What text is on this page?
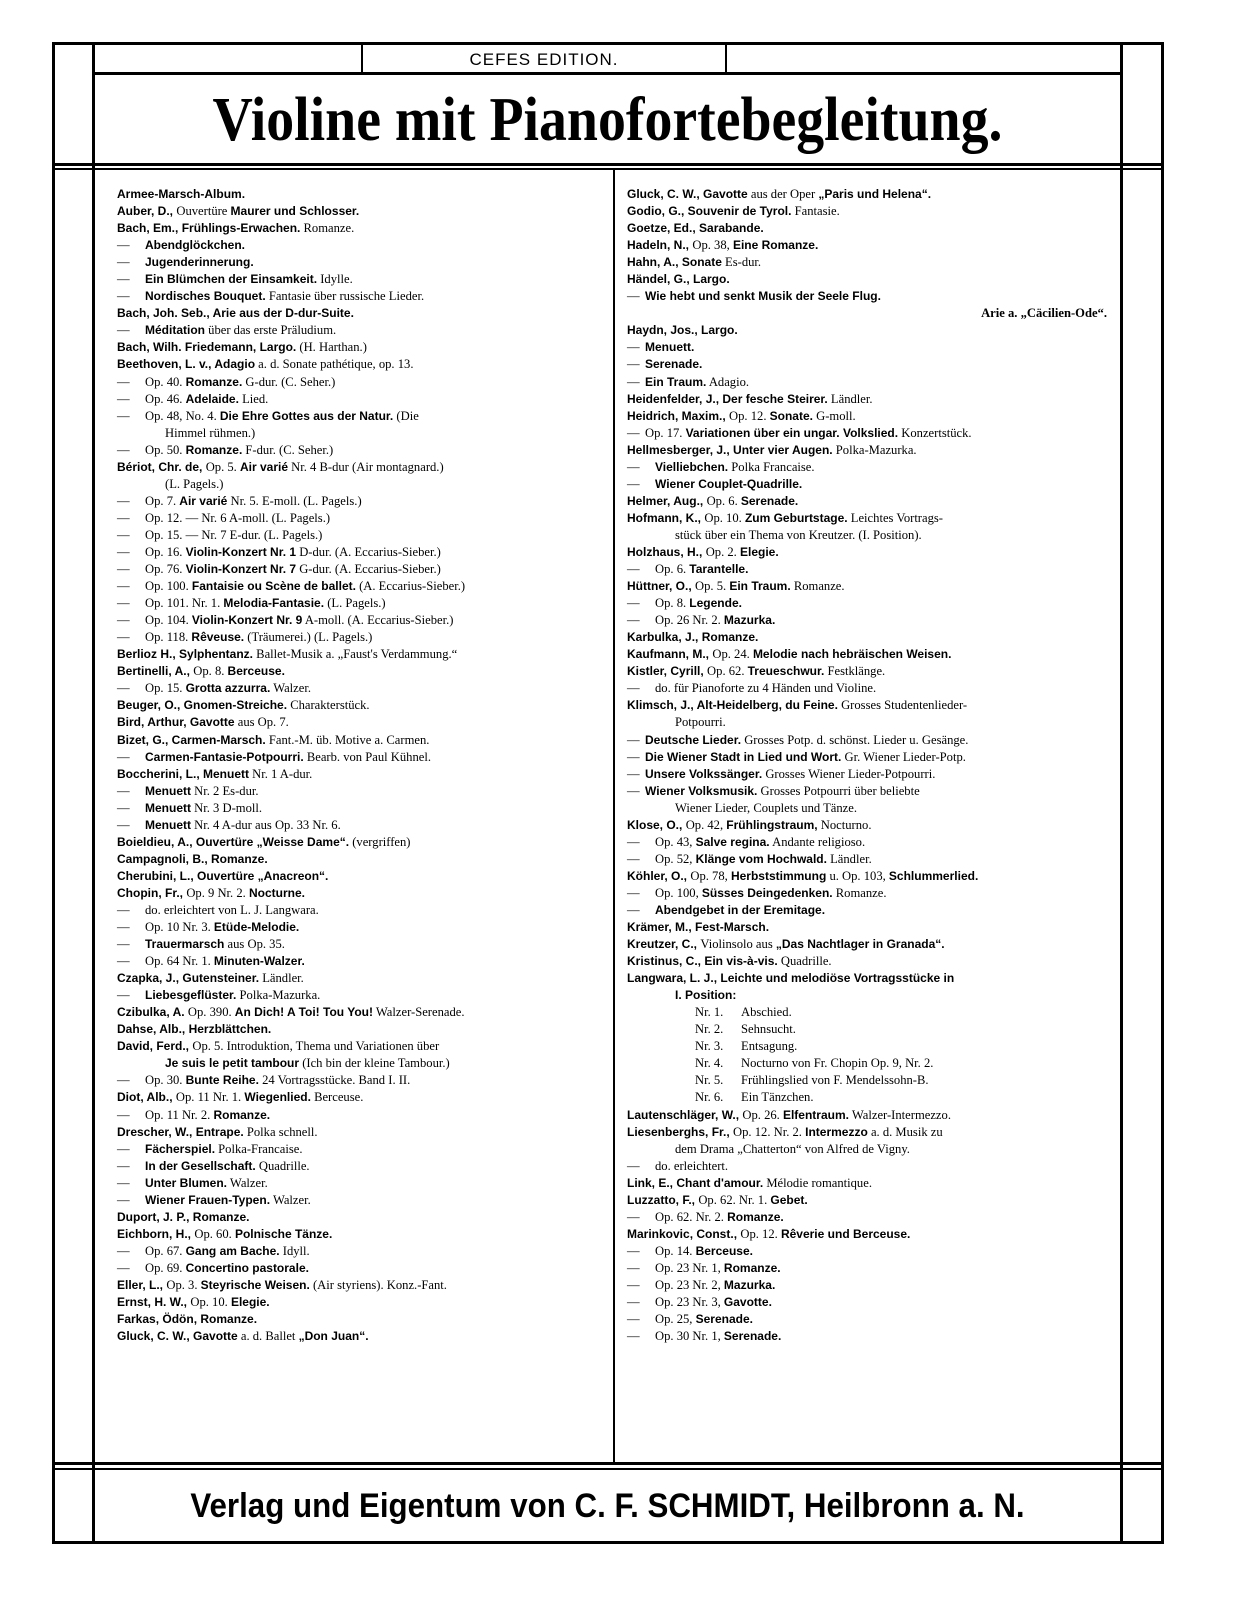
CEFES EDITION.
Violine mit Pianofortebegleitung.
Armee-Marsch-Album.
Auber, D., Ouvertüre Maurer und Schlosser.
Bach, Em., Frühlings-Erwachen. Romanze.
— Abendglöckchen.
— Jugenderinnerung.
— Ein Blümchen der Einsamkeit. Idylle.
— Nordisches Bouquet. Fantasie über russische Lieder.
Bach, Joh. Seb., Arie aus der D-dur-Suite.
— Méditation über das erste Präludium.
Bach, Wilh. Friedemann, Largo. (H. Harthan.)
Beethoven, L. v., Adagio a. d. Sonate pathétique, op. 13.
— Op. 40. Romanze. G-dur. (C. Seher.)
— Op. 46. Adelaide. Lied.
— Op. 48, No. 4. Die Ehre Gottes aus der Natur. (Die
Himmel rühmen.)
— Op. 50. Romanze. F-dur. (C. Seher.)
Bériot, Chr. de, Op. 5. Air varié Nr. 4 B-dur (Air montagnard.)
(L. Pagels.)
— Op. 7. Air varié Nr. 5. E-moll. (L. Pagels.)
— Op. 12. — Nr. 6 A-moll. (L. Pagels.)
— Op. 15. — Nr. 7 E-dur. (L. Pagels.)
— Op. 16. Violin-Konzert Nr. 1 D-dur. (A. Eccarius-Sieber.)
— Op. 76. Violin-Konzert Nr. 7 G-dur. (A. Eccarius-Sieber.)
— Op. 100. Fantaisie ou Scène de ballet. (A. Eccarius-Sieber.)
— Op. 101. Nr. 1. Melodia-Fantasie. (L. Pagels.)
— Op. 104. Violin-Konzert Nr. 9 A-moll. (A. Eccarius-Sieber.)
— Op. 118. Rêveuse. (Träumerei.) (L. Pagels.)
Berlioz H., Sylphentanz. Ballet-Musik a. „Faust's Verdammung.“
Bertinelli, A., Op. 8. Berceuse.
— Op. 15. Grotta azzurra. Walzer.
Beuger, O., Gnomen-Streiche. Charakterstück.
Bird, Arthur, Gavotte aus Op. 7.
Bizet, G., Carmen-Marsch. Fant.-M. üb. Motive a. Carmen.
— Carmen-Fantasie-Potpourri. Bearb. von Paul Kühnel.
Boccherini, L., Menuett Nr. 1 A-dur.
— Menuett Nr. 2 Es-dur.
— Menuett Nr. 3 D-moll.
— Menuett Nr. 4 A-dur aus Op. 33 Nr. 6.
Boieldieu, A., Ouvertüre „Weisse Dame“. (vergriffen)
Campagnoli, B., Romanze.
Cherubini, L., Ouvertüre „Anacreon“.
Chopin, Fr., Op. 9 Nr. 2. Nocturne.
— do. erleichtert von L. J. Langwara.
— Op. 10 Nr. 3. Etüde-Melodie.
— Trauermarsch aus Op. 35.
— Op. 64 Nr. 1. Minuten-Walzer.
Czapka, J., Gutensteiner. Ländler.
— Liebesgeflüster. Polka-Mazurka.
Czibulka, A. Op. 390. An Dich! A Toi! Tou You! Walzer-Serenade.
Dahse, Alb., Herzblättchen.
David, Ferd., Op. 5. Introduktion, Thema und Variationen über
Je suis le petit tambour (Ich bin der kleine Tambour.)
— Op. 30. Bunte Reihe. 24 Vortragsstücke. Band I. II.
Diot, Alb., Op. 11 Nr. 1. Wiegenlied. Berceuse.
— Op. 11 Nr. 2. Romanze.
Drescher, W., Entrape. Polka schnell.
— Fächerspiel. Polka-Francaise.
— In der Gesellschaft. Quadrille.
— Unter Blumen. Walzer.
— Wiener Frauen-Typen. Walzer.
Duport, J. P., Romanze.
Eichborn, H., Op. 60. Polnische Tänze.
— Op. 67. Gang am Bache. Idyll.
— Op. 69. Concertino pastorale.
Eller, L., Op. 3. Steyrische Weisen. (Air styriens). Konz.-Fant.
Ernst, H. W., Op. 10. Elegie.
Farkas, Ödön, Romanze.
Gluck, C. W., Gavotte a. d. Ballet „Don Juan“.
Gluck, C. W., Gavotte aus der Oper „Paris und Helena“.
Godio, G., Souvenir de Tyrol. Fantasie.
Goetze, Ed., Sarabande.
Hadeln, N., Op. 38, Eine Romanze.
Hahn, A., Sonate Es-dur.
Händel, G., Largo.
— Wie hebt und senkt Musik der Seele Flug.
Arie a. „Cäcilien-Ode“.
Haydn, Jos., Largo.
— Menuett.
— Serenade.
— Ein Traum. Adagio.
Heidenfelder, J., Der fesche Steirer. Ländler.
Heidrich, Maxim., Op. 12. Sonate. G-moll.
— Op. 17. Variationen über ein ungar. Volkslied. Konzertstück.
Hellmesberger, J., Unter vier Augen. Polka-Mazurka.
— Vielliebchen. Polka Francaise.
— Wiener Couplet-Quadrille.
Helmer, Aug., Op. 6. Serenade.
Hofmann, K., Op. 10. Zum Geburtstage. Leichtes Vortrags-
stück über ein Thema von Kreutzer. (I. Position).
Holzhaus, H., Op. 2. Elegie.
— Op. 6. Tarantelle.
Hüttner, O., Op. 5. Ein Traum. Romanze.
— Op. 8. Legende.
— Op. 26 Nr. 2. Mazurka.
Karbulka, J., Romanze.
Kaufmann, M., Op. 24. Melodie nach hebräischen Weisen.
Kistler, Cyrill, Op. 62. Treueschwur. Festklänge.
— do. für Pianoforte zu 4 Händen und Violine.
Klimsch, J., Alt-Heidelberg, du Feine. Grosses Studentenlieder-
Potpourri.
— Deutsche Lieder. Grosses Potp. d. schönst. Lieder u. Gesänge.
— Die Wiener Stadt in Lied und Wort. Gr. Wiener Lieder-Potp.
— Unsere Volkssänger. Grosses Wiener Lieder-Potpourri.
— Wiener Volksmusik. Grosses Potpourri über beliebte
Wiener Lieder, Couplets und Tänze.
Klose, O., Op. 42, Frühlingstraum, Nocturno.
— Op. 43, Salve regina. Andante religioso.
— Op. 52, Klänge vom Hochwald. Ländler.
Köhler, O., Op. 78, Herbststimmung u. Op. 103, Schlummerlied.
— Op. 100, Süsses Deingedenken. Romanze.
— Abendgebet in der Eremitage.
Krämer, M., Fest-Marsch.
Kreutzer, C., Violinsolo aus „Das Nachtlager in Granada“.
Kristinus, C., Ein vis-à-vis. Quadrille.
Langwara, L. J., Leichte und melodiöse Vortragsstücke in
I. Position:
Nr. 1. Abschied.
Nr. 2. Sehnsucht.
Nr. 3. Entsagung.
Nr. 4. Nocturno von Fr. Chopin Op. 9, Nr. 2.
Nr. 5. Frühlingslied von F. Mendelssohn-B.
Nr. 6. Ein Tänzchen.
Lautenschläger, W., Op. 26. Elfentraum. Walzer-Intermezzo.
Liesenberghs, Fr., Op. 12. Nr. 2. Intermezzo a. d. Musik zu
dem Drama „Chatterton“ von Alfred de Vigny.
— do. erleichtert.
Link, E., Chant d'amour. Mélodie romantique.
Luzzatto, F., Op. 62. Nr. 1. Gebet.
— Op. 62. Nr. 2. Romanze.
Marinkovic, Const., Op. 12. Rêverie und Berceuse.
— Op. 14. Berceuse.
— Op. 23 Nr. 1, Romanze.
— Op. 23 Nr. 2, Mazurka.
— Op. 23 Nr. 3, Gavotte.
— Op. 25, Serenade.
— Op. 30 Nr. 1, Serenade.
Verlag und Eigentum von C. F. SCHMIDT, Heilbronn a. N.
